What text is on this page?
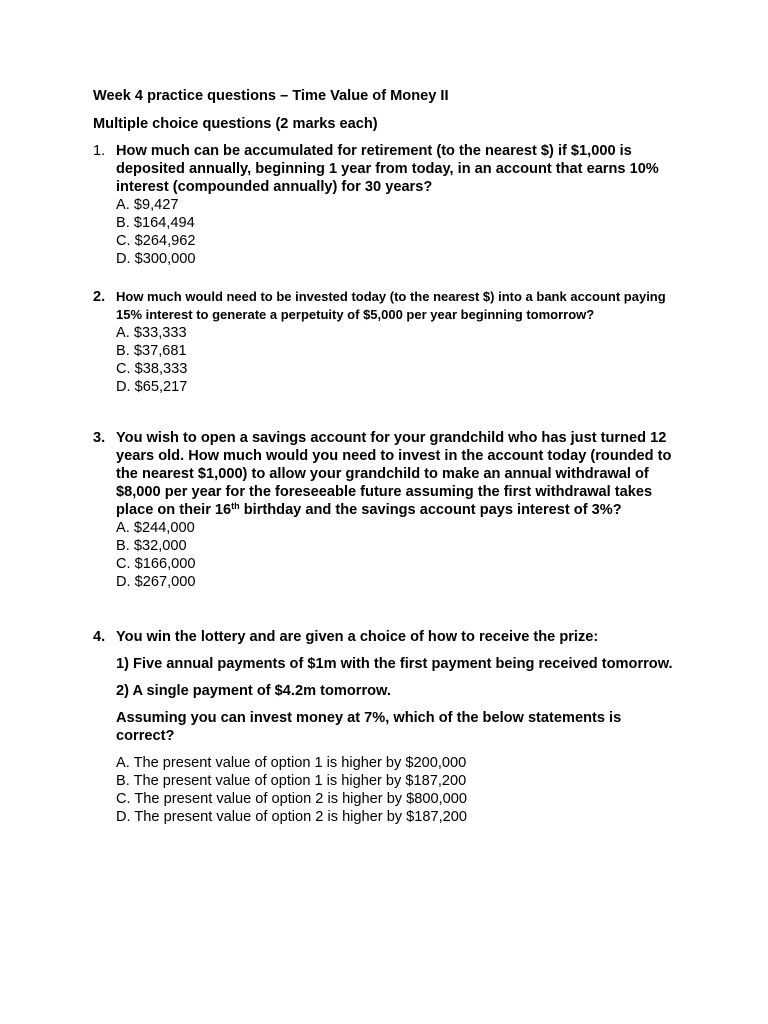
Week 4 practice questions – Time Value of Money II
Multiple choice questions (2 marks each)
1. How much can be accumulated for retirement (to the nearest $) if $1,000 is deposited annually, beginning 1 year from today, in an account that earns 10% interest (compounded annually) for 30 years?
A. $9,427
B. $164,494
C. $264,962
D. $300,000
2. How much would need to be invested today (to the nearest $) into a bank account paying 15% interest to generate a perpetuity of $5,000 per year beginning tomorrow?
A. $33,333
B. $37,681
C. $38,333
D. $65,217
3. You wish to open a savings account for your grandchild who has just turned 12 years old. How much would you need to invest in the account today (rounded to the nearest $1,000) to allow your grandchild to make an annual withdrawal of $8,000 per year for the foreseeable future assuming the first withdrawal takes place on their 16th birthday and the savings account pays interest of 3%?
A. $244,000
B. $32,000
C. $166,000
D. $267,000
4. You win the lottery and are given a choice of how to receive the prize:
1) Five annual payments of $1m with the first payment being received tomorrow.
2) A single payment of $4.2m tomorrow.
Assuming you can invest money at 7%, which of the below statements is correct?
A. The present value of option 1 is higher by $200,000
B. The present value of option 1 is higher by $187,200
C. The present value of option 2 is higher by $800,000
D. The present value of option 2 is higher by $187,200
